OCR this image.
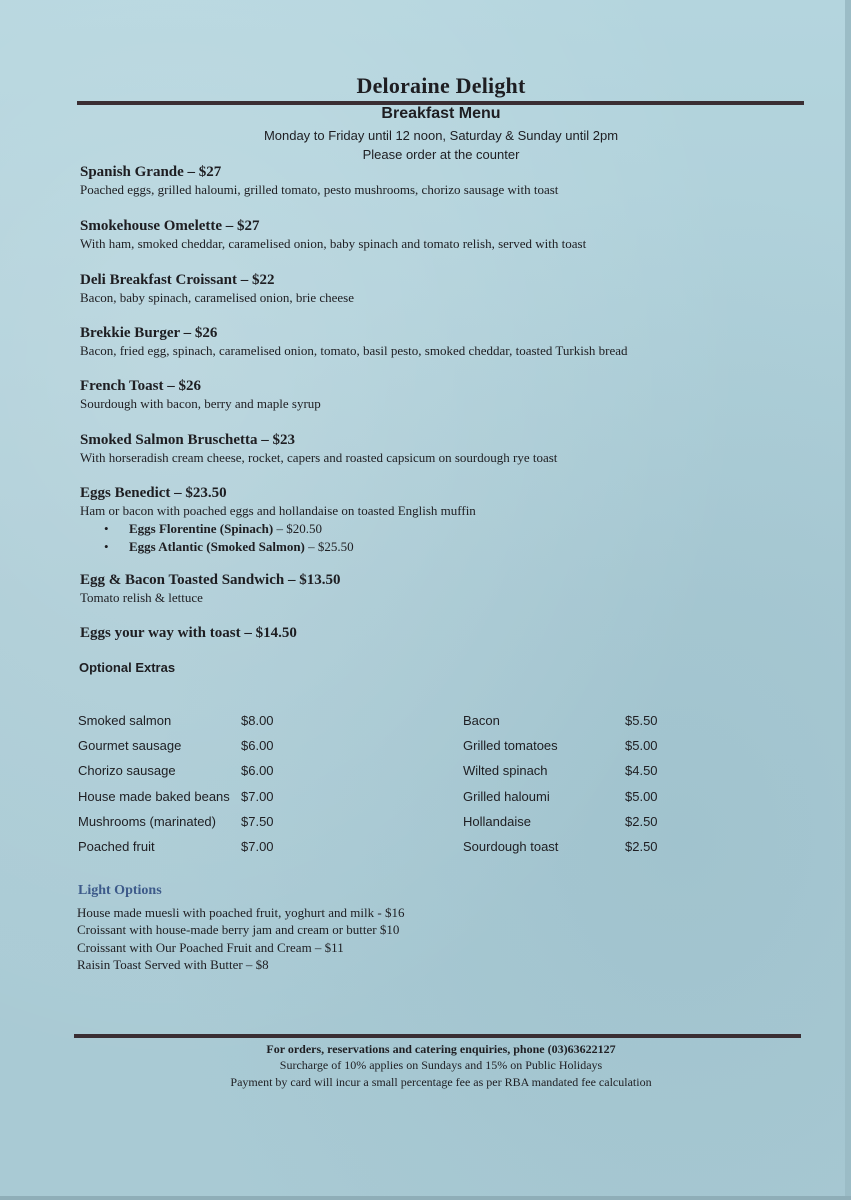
Deloraine Delight
Breakfast Menu
Monday to Friday until 12 noon, Saturday & Sunday until 2pm
Please order at the counter
Spanish Grande – $27
Poached eggs, grilled haloumi, grilled tomato, pesto mushrooms, chorizo sausage with toast
Smokehouse Omelette – $27
With ham, smoked cheddar, caramelised onion, baby spinach and tomato relish, served with toast
Deli Breakfast Croissant – $22
Bacon, baby spinach, caramelised onion, brie cheese
Brekkie Burger – $26
Bacon, fried egg, spinach, caramelised onion, tomato, basil pesto, smoked cheddar, toasted Turkish bread
French Toast – $26
Sourdough with bacon, berry and maple syrup
Smoked Salmon Bruschetta – $23
With horseradish cream cheese, rocket, capers and roasted capsicum on sourdough rye toast
Eggs Benedict – $23.50
Ham or bacon with poached eggs and hollandaise on toasted English muffin
• Eggs Florentine (Spinach) – $20.50
• Eggs Atlantic (Smoked Salmon) – $25.50
Egg & Bacon Toasted Sandwich – $13.50
Tomato relish & lettuce
Eggs your way with toast – $14.50
Optional Extras
Smoked salmon	$8.00
Gourmet sausage	$6.00
Chorizo sausage	$6.00
House made baked beans $7.00
Mushrooms (marinated) $7.50
Poached fruit	$7.00
Bacon	$5.50
Grilled tomatoes	$5.00
Wilted spinach	$4.50
Grilled haloumi	$5.00
Hollandaise	$2.50
Sourdough toast	$2.50
Light Options
House made muesli with poached fruit, yoghurt and milk - $16
Croissant with house-made berry jam and cream or butter $10
Croissant with Our Poached Fruit and Cream – $11
Raisin Toast Served with Butter – $8
For orders, reservations and catering enquiries, phone (03)63622127
Surcharge of 10% applies on Sundays and 15% on Public Holidays
Payment by card will incur a small percentage fee as per RBA mandated fee calculation
